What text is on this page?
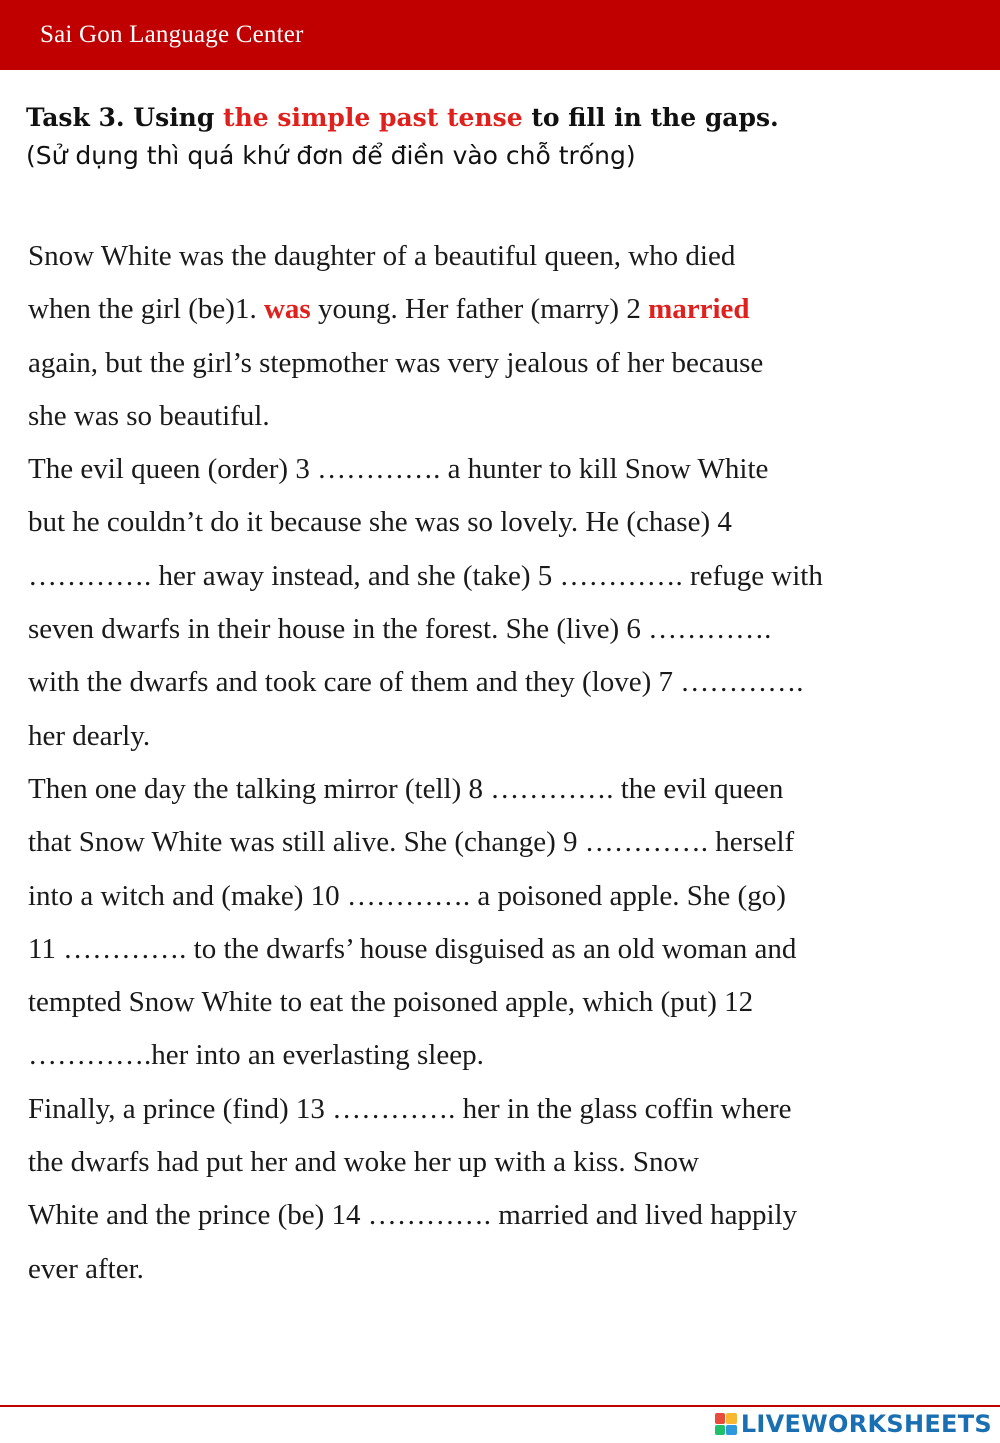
Sai Gon Language Center
Task 3. Using the simple past tense to fill in the gaps.
(Sử dụng thì quá khứ đơn để điền vào chỗ trống)
Snow White was the daughter of a beautiful queen, who died
when the girl (be)1. was young. Her father (marry) 2 married
again, but the girl’s stepmother was very jealous of her because
she was so beautiful.
The evil queen (order) 3 …………. a hunter to kill Snow White
but he couldn’t do it because she was so lovely. He (chase) 4
…………. her away instead, and she (take) 5 …………. refuge with
seven dwarfs in their house in the forest. She (live) 6 ………….
with the dwarfs and took care of them and they (love) 7 ………….
her dearly.
Then one day the talking mirror (tell) 8 …………. the evil queen
that Snow White was still alive. She (change) 9 …………. herself
into a witch and (make) 10 …………. a poisoned apple. She (go)
11 …………. to the dwarfs’ house disguised as an old woman and
tempted Snow White to eat the poisoned apple, which (put) 12
………….her into an everlasting sleep.
Finally, a prince (find) 13 …………. her in the glass coffin where
the dwarfs had put her and woke her up with a kiss. Snow
White and the prince (be) 14 …………. married and lived happily
ever after.
LIVEWORKSHEETS
